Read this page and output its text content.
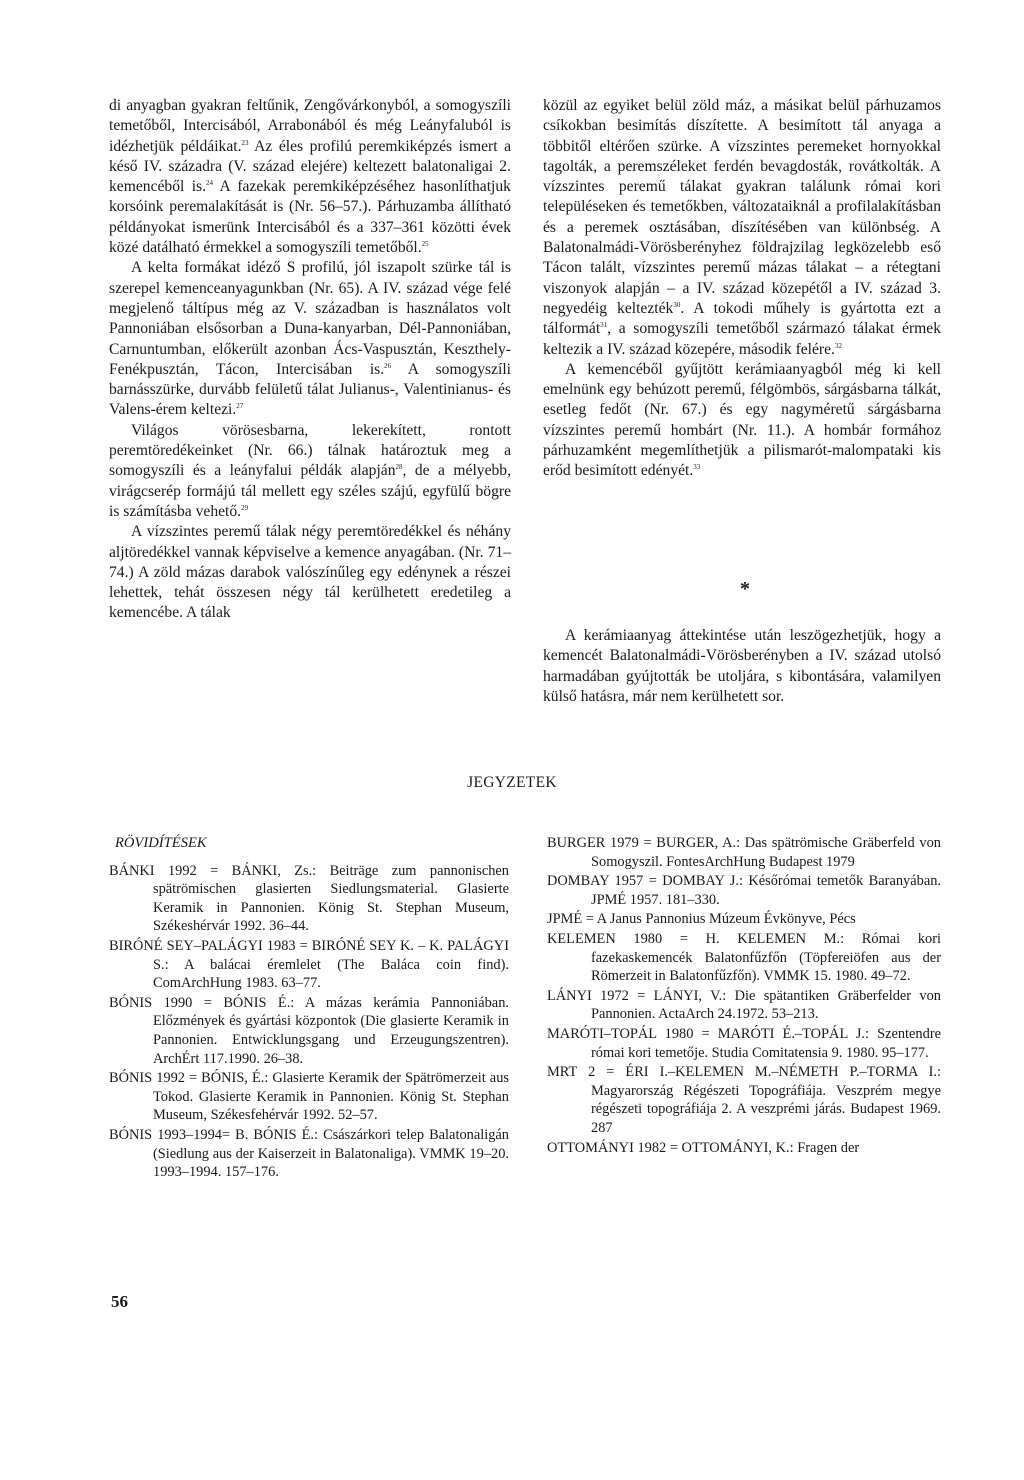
di anyagban gyakran feltűnik, Zengővárkonyból, a somogyszíli temetőből, Intercisából, Arrabonából és még Leányfaluból is idézhetjük példáikat.$^{23}$ Az éles profilú peremkiképzés ismert a késő IV. századra (V. század elejére) keltezett balatonaligai 2. kemencéből is.$^{24}$ A fazekak peremkiképzéséhez hasonlíthatjuk korsóink peremalakítását is (Nr. 56–57.). Párhuzamba állítható példányokat ismerünk Intercisából és a 337–361 közötti évek közé datálható érmekkel a somogyszíli temetőből.$^{25}$

A kelta formákat idéző S profilú, jól iszapolt szürke tál is szerepel kemenceanyagunkban (Nr. 65). A IV. század vége felé megjelenő táltípus még az V. században is használatos volt Pannoniában elsősorban a Duna-kanyarban, Dél-Pannoniában, Carnuntumban, előkerült azonban Ács-Vaspusztán, Keszthely-Fenékpusztán, Tácon, Intercisában is.$^{26}$ A somogyszíli barnásszürke, durvább felületű tálat Julianus-, Valentinianus- és Valens-érem keltezi.$^{27}$

Világos vörösesbarna, lekerekített, rontott peremtöredékeinket (Nr. 66.) tálnak határoztuk meg a somogyszíli és a leányfalui példák alapján$^{28}$, de a mélyebb, virágcserép formájú tál mellett egy széles szájú, egyfülű bögre is számításba vehető.$^{29}$

A vízszintes peremű tálak négy peremtöredékkel és néhány aljtöredékkel vannak képviselve a kemence anyagában. (Nr. 71–74.) A zöld mázas darabok valószínűleg egy edénynek a részei lehettek, tehát összesen négy tál kerülhetett eredetileg a kemencébe. A tálak

közül az egyiket belül zöld máz, a másikat belül párhuzamos csíkokban besimítás díszítette. A besimított tál anyaga a többitől eltérően szürke. A vízszintes peremeket hornyokkal tagolták, a peremszéleket ferdén bevagdosták, rovátkolták. A vízszintes peremű tálakat gyakran találunk római kori településeken és temetőkben, változataiknál a profilalakításban és a peremek osztásában, díszítésében van különbség. A Balatonalmádi-Vörösberényhez földrajzilag legközelebb eső Tácon talált, vízszintes peremű mázas tálakat – a rétegtani viszonyok alapján – a IV. század közepétől a IV. század 3. negyedéig keltezték$^{30}$. A tokodi műhely is gyártotta ezt a tálformát$^{31}$, a somogyszíli temetőből származó tálakat érmek keltezik a IV. század közepére, második felére.$^{32}$

A kemencéből gyűjtött kerámiaanyagból még ki kell emelnünk egy behúzott peremű, félgömbös, sárgásbarna tálkát, esetleg fedőt (Nr. 67.) és egy nagyméretű sárgásbarna vízszintes peremű hombárt (Nr. 11.). A hombár formához párhuzamként megemlíthetjük a pilismarót-malompataki kis erőd besimított edényét.$^{33}$

*

A kerámiaanyag áttekintése után leszögezhetjük, hogy a kemencét Balatonalmádi-Vörösberényben a IV. század utolsó harmadában gyújtották be utoljára, s kibontására, valamilyen külső hatásra, már nem kerülhetett sor.

JEGYZETEK
RÖVIDÍTÉSEK
BÁNKI 1992 = BÁNKI, Zs.: Beiträge zum pannonischen spätrömischen glasierten Siedlungsmaterial. Glasierte Keramik in Pannonien. König St. Stephan Museum, Székeshérvár 1992. 36–44.
BIRÓNÉ SEY–PALÁGYI 1983 = BIRÓNÉ SEY K. – K. PALÁGYI S.: A balácai éremlelet (The Baláca coin find). ComArchHung 1983. 63–77.
BÓNIS 1990 = BÓNIS É.: A mázas kerámia Pannoniában. Előzmények és gyártási központok (Die glasierte Keramik in Pannonien. Entwicklungsgang und Erzeugungszentren). ArchÉrt 117.1990. 26–38.
BÓNIS 1992 = BÓNIS, É.: Glasierte Keramik der Spätrömerzeit aus Tokod. Glasierte Keramik in Pannonien. König St. Stephan Museum, Székesfehérvár 1992. 52–57.
BÓNIS 1993–1994= B. BÓNIS É.: Császárkori telep Balatonaligán (Siedlung aus der Kaiserzeit in Balatonaliga). VMMK 19–20. 1993–1994. 157–176.
BURGER 1979 = BURGER, A.: Das spätrömische Gräberfeld von Somogyszil. FontesArchHung Budapest 1979
DOMBAY 1957 = DOMBAY J.: Későrómai temetők Baranyában. JPMÉ 1957. 181–330.
JPMÉ = A Janus Pannonius Múzeum Évkönyve, Pécs
KELEMEN 1980 = H. KELEMEN M.: Római kori fazekaskemencék Balatonfűzfőn (Töpfereiöfen aus der Römerzeit in Balatonfűzfőn). VMMK 15. 1980. 49–72.
LÁNYI 1972 = LÁNYI, V.: Die spätantiken Gräberfelder von Pannonien. ActaArch 24.1972. 53–213.
MARÓTI–TOPÁL 1980 = MARÓTI É.–TOPÁL J.: Szentendre római kori temetője. Studia Comitatensia 9. 1980. 95–177.
MRT 2 = ÉRI I.–KELEMEN M.–NÉMETH P.–TORMA I.: Magyarország Régészeti Topográfiája. Veszprém megye régészeti topográfiája 2. A veszprémi járás. Budapest 1969. 287
OTTOMÁNYI 1982 = OTTOMÁNYI, K.: Fragen der
56
